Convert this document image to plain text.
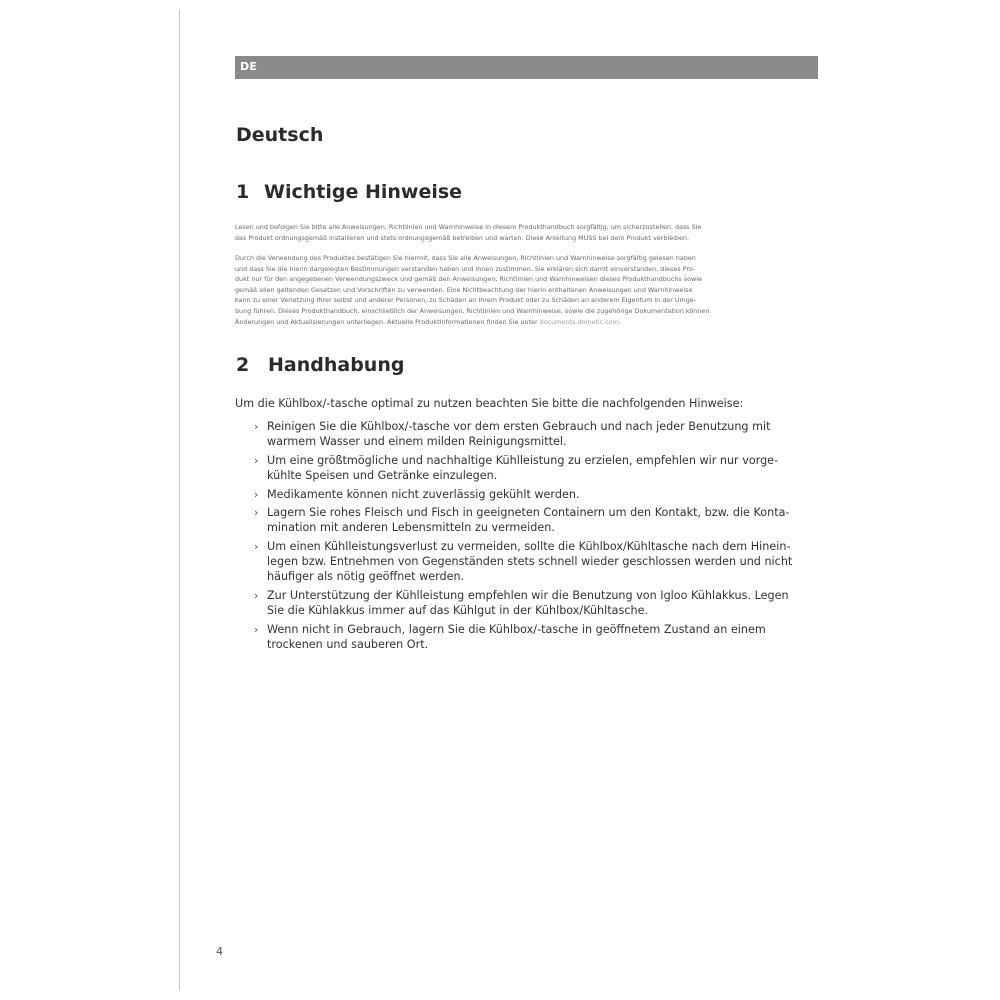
DE
Deutsch
1 Wichtige Hinweise
Lesen und befolgen Sie bitte alle Anweisungen, Richtlinien und Warnhinweise in diesem Produkthandbuch sorgfältig, um sicherzustellen, dass Sie
das Produkt ordnungsgemäß installieren und stets ordnungsgemäß betreiben und warten. Diese Anleitung MUSS bei dem Produkt verbleiben.
Durch die Verwendung des Produktes bestätigen Sie hiermit, dass Sie alle Anweisungen, Richtlinien und Warnhinweise sorgfältig gelesen haben
und dass Sie die hierin dargelegten Bestimmungen verstanden haben und ihnen zustimmen. Sie erklären sich damit einverstanden, dieses Pro-
dukt nur für den angegebenen Verwendungszweck und gemäß den Anweisungen, Richtlinien und Warnhinweisen dieses Produkthandbuchs sowie
gemäß allen geltenden Gesetzen und Vorschriften zu verwenden. Eine Nichtbeachtung der hierin enthaltenen Anweisungen und Warnhinweise
kann zu einer Verletzung Ihrer selbst und anderer Personen, zu Schäden an Ihrem Produkt oder zu Schäden an anderem Eigentum in der Umge-
bung führen. Dieses Produkthandbuch, einschließlich der Anweisungen, Richtlinien und Warnhinweise, sowie die zugehörige Dokumentation können
Änderungen und Aktualisierungen unterliegen. Aktuelle Produktinformationen finden Sie unter documents.dometic.com.
2 Handhabung

Um die Kühlbox/-tasche optimal zu nutzen beachten Sie bitte die nachfolgenden Hinweise:

› Reinigen Sie die Kühlbox/-tasche vor dem ersten Gebrauch und nach jeder Benutzung mit
warmem Wasser und einem milden Reinigungsmittel.
› Um eine größtmögliche und nachhaltige Kühlleistung zu erzielen, empfehlen wir nur vorge-
kühlte Speisen und Getränke einzulegen.
› Medikamente können nicht zuverlässig gekühlt werden.
› Lagern Sie rohes Fleisch und Fisch in geeigneten Containern um den Kontakt, bzw. die Konta-
mination mit anderen Lebensmitteln zu vermeiden.
› Um einen Kühlleistungsverlust zu vermeiden, sollte die Kühlbox/Kühltasche nach dem Hinein-
legen bzw. Entnehmen von Gegenständen stets schnell wieder geschlossen werden und nicht
häufiger als nötig geöffnet werden.
› Zur Unterstützung der Kühlleistung empfehlen wir die Benutzung von Igloo Kühlakkus. Legen
Sie die Kühlakkus immer auf das Kühlgut in der Kühlbox/Kühltasche.
› Wenn nicht in Gebrauch, lagern Sie die Kühlbox/-tasche in geöffnetem Zustand an einem
trockenen und sauberen Ort.
4
